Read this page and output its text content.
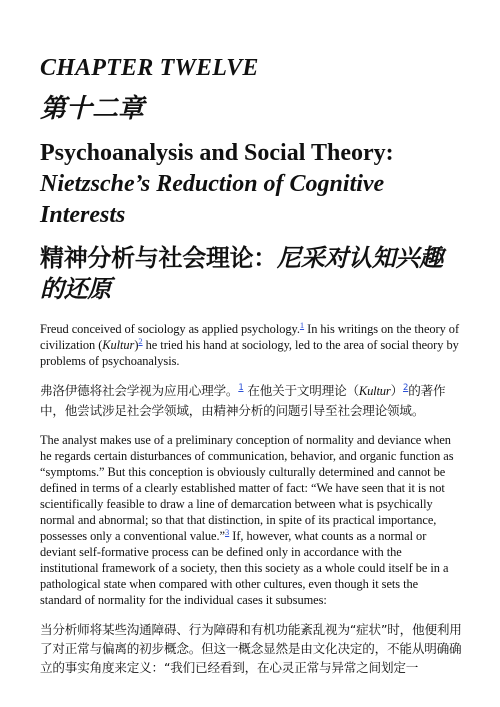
CHAPTER TWELVE
第十二章
Psychoanalysis and Social Theory:
Nietzsche’s Reduction of Cognitive Interests
精神分析与社会理论：尼采对认知兴趣的还原

Freud conceived of sociology as applied psychology.$^1$ In his writings on the theory of civilization (Kultur)$^2$ he tried his hand at sociology, led to the area of social theory by problems of psychoanalysis.

弗洛伊德将社会学视为应用心理学。$^1$ 在他关于文明理论（Kultur）$^2$的著作中，他尝试涉足社会学领域，由精神分析的问题引导至社会理论领域。

The analyst makes use of a preliminary conception of normality and deviance when he regards certain disturbances of communication, behavior, and organic function as “symptoms.” But this conception is obviously culturally determined and cannot be defined in terms of a clearly established matter of fact: “We have seen that it is not scientifically feasible to draw a line of demarcation between what is psychically normal and abnormal; so that that distinction, in spite of its practical importance, possesses only a conventional value.”$^3$ If, however, what counts as a normal or deviant self-formative process can be defined only in accordance with the institutional framework of a society, then this society as a whole could itself be in a pathological state when compared with other cultures, even though it sets the standard of normality for the individual cases it subsumes:

当分析师将某些沟通障碍、行为障碍和有机功能紊乱视为“症状”时，他便利用了对正常与偏离的初步概念。但这一概念显然是由文化决定的，不能从明确确立的事实角度来定义：“我们已经看到，在心灵正常与异常之间划定一
